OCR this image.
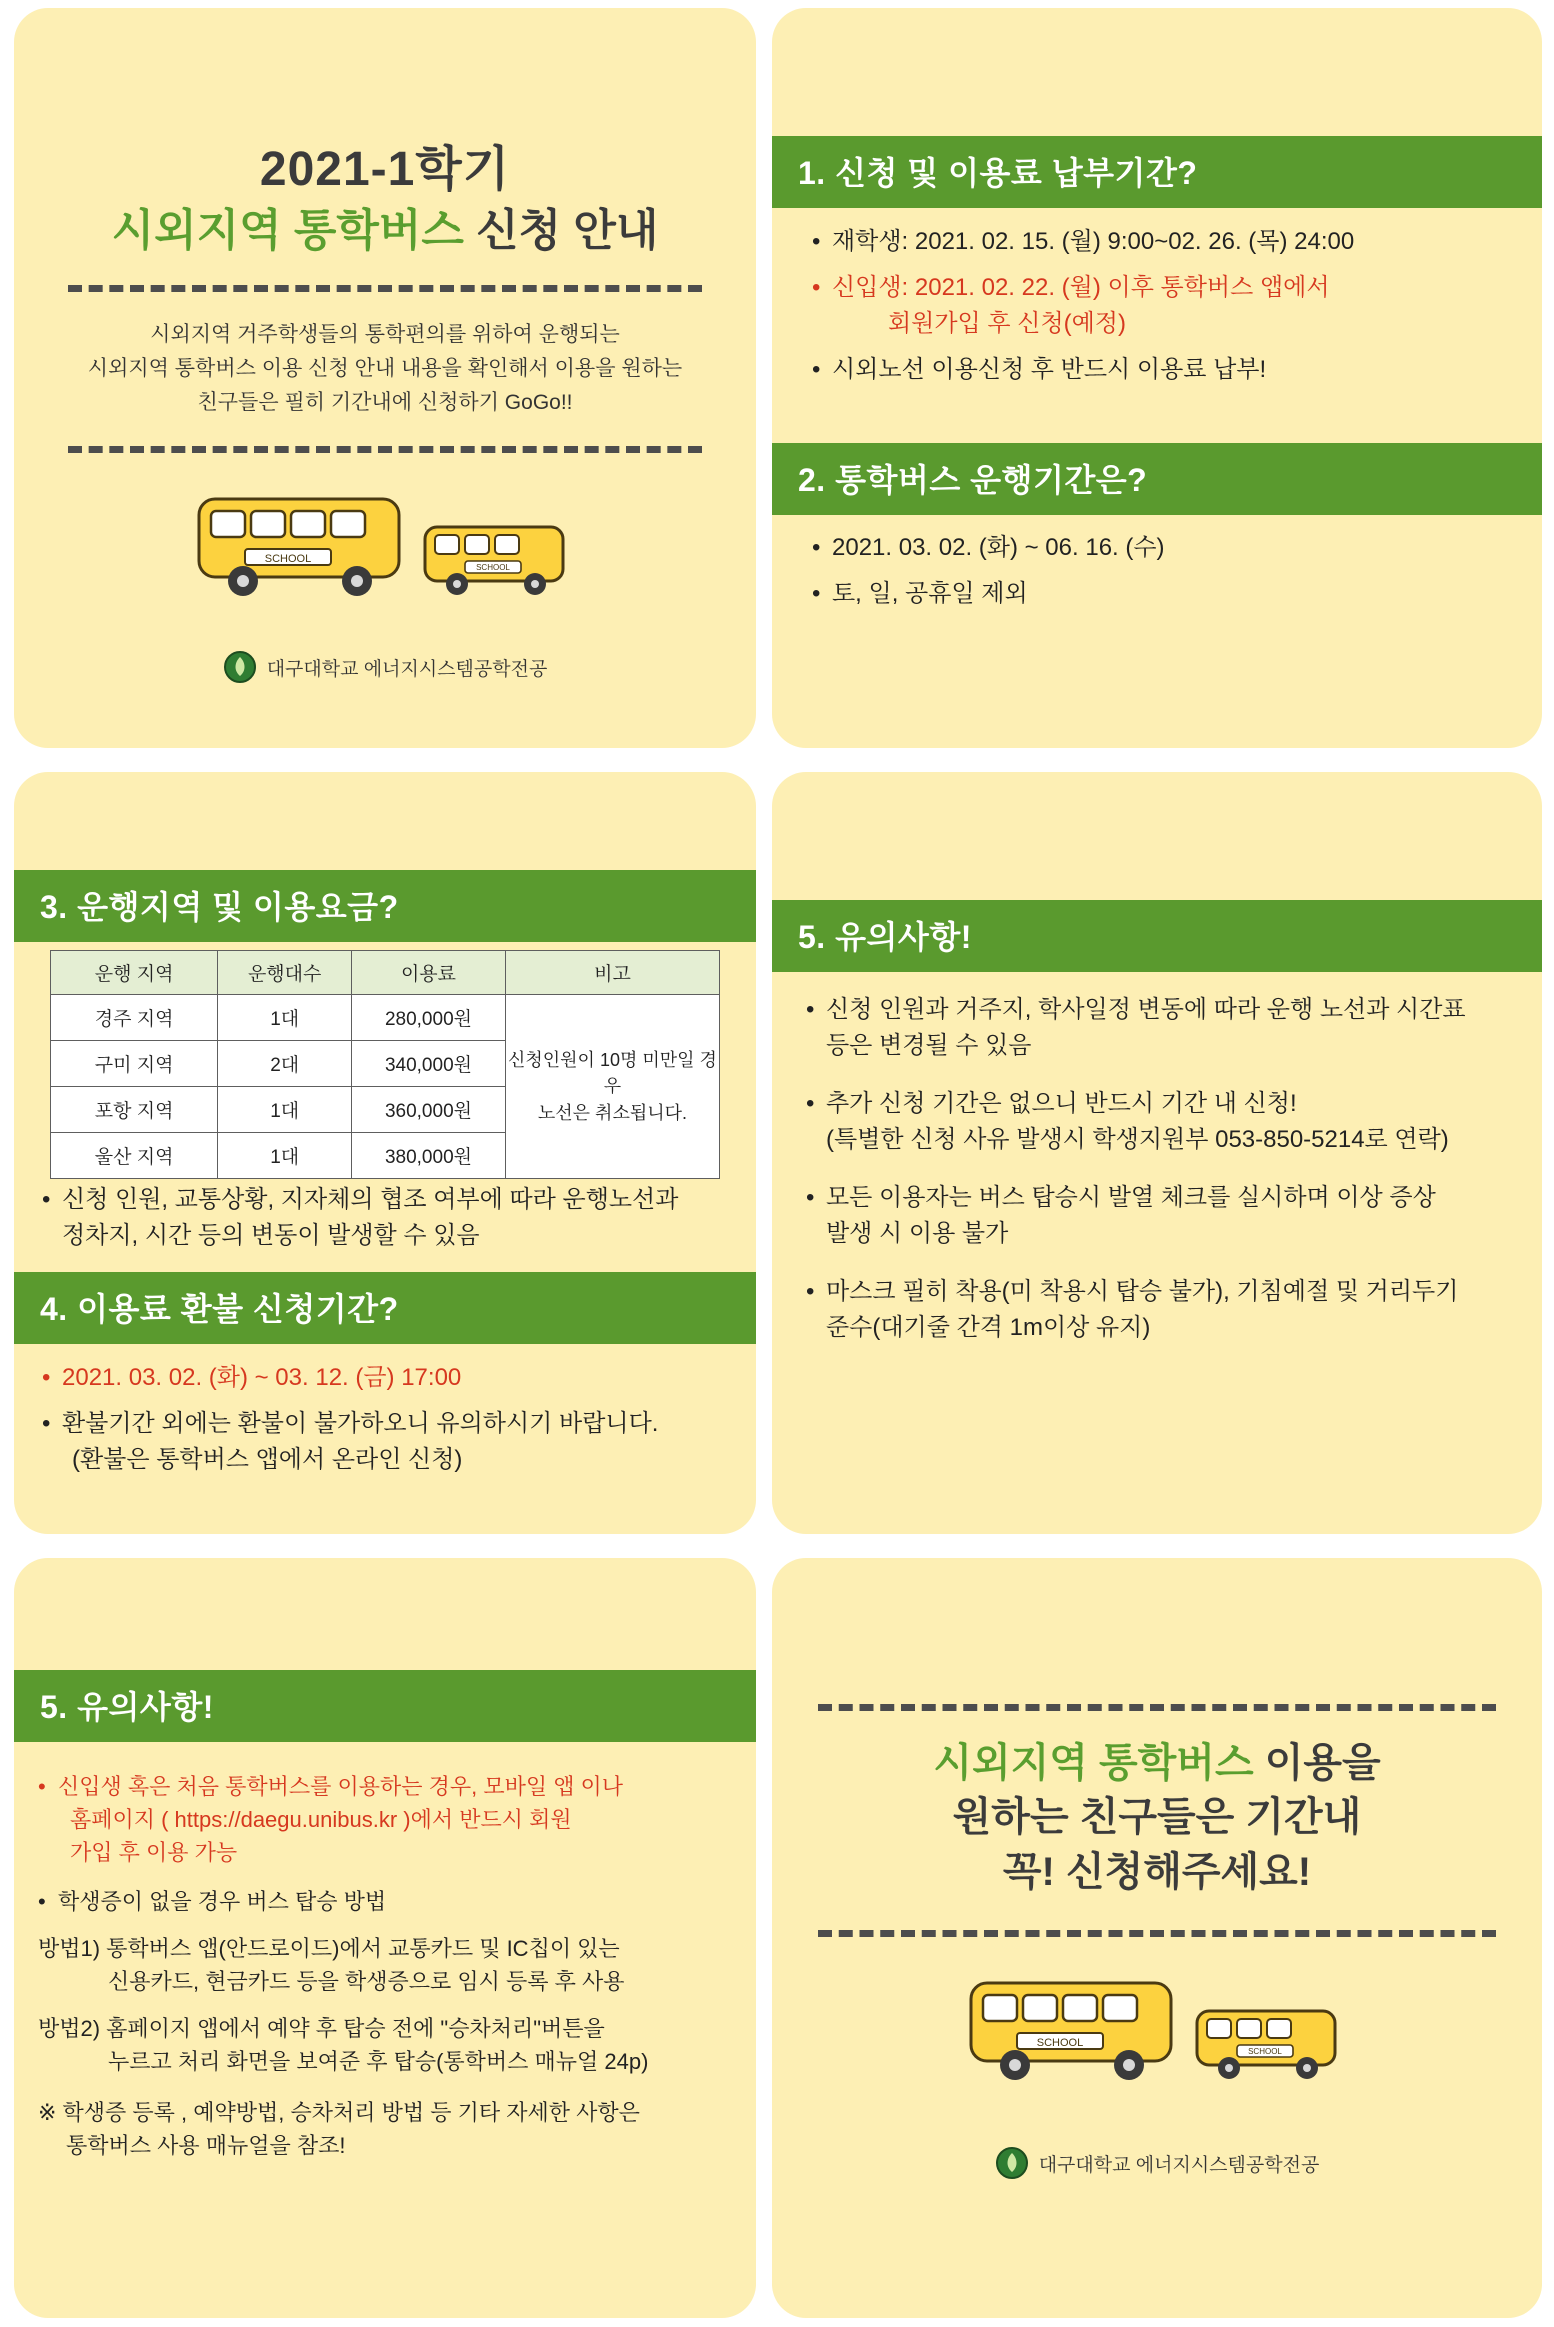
2021-1학기
시외지역 통학버스 신청 안내
시외지역 거주학생들의 통학편의를 위하여 운행되는
시외지역 통학버스 이용 신청 안내 내용을 확인해서 이용을 원하는
친구들은 필히 기간내에 신청하기 GoGo!!
SCHOOL
SCHOOL
대구대학교 에너지시스템공학전공
1. 신청 및 이용료 납부기간?
• 재학생: 2021. 02. 15. (월) 9:00~02. 26. (목) 24:00
• 신입생: 2021. 02. 22. (월) 이후 통학버스 앱에서
회원가입 후 신청(예정)
• 시외노선 이용신청 후 반드시 이용료 납부!
2. 통학버스 운행기간은?
• 2021. 03. 02. (화) ~ 06. 16. (수)
• 토, 일, 공휴일 제외
3. 운행지역 및 이용요금?
운행 지역	운행대수	이용료	비고
경주 지역	1대	280,000원	신청인원이 10명 미만일 경우
노선은 취소됩니다.

구미 지역	2대	340,000원	
포항 지역	1대	360,000원	
울산 지역	1대	380,000원	
• 신청 인원, 교통상황, 지자체의 협조 여부에 따라 운행노선과
정차지, 시간 등의 변동이 발생할 수 있음
4. 이용료 환불 신청기간?
• 2021. 03. 02. (화) ~ 03. 12. (금) 17:00
• 환불기간 외에는 환불이 불가하오니 유의하시기 바랍니다.
(환불은 통학버스 앱에서 온라인 신청)
5. 유의사항!
• 신청 인원과 거주지, 학사일정 변동에 따라 운행 노선과 시간표
등은 변경될 수 있음
• 추가 신청 기간은 없으니 반드시 기간 내 신청!
(특별한 신청 사유 발생시 학생지원부 053-850-5214로 연락)
• 모든 이용자는 버스 탑승시 발열 체크를 실시하며 이상 증상
발생 시 이용 불가
• 마스크 필히 착용(미 착용시 탑승 불가), 기침예절 및 거리두기
준수(대기줄 간격 1m이상 유지)
5. 유의사항!
• 신입생 혹은 처음 통학버스를 이용하는 경우, 모바일 앱 이나
홈페이지 ( https://daegu.unibus.kr )에서 반드시 회원
가입 후 이용 가능
• 학생증이 없을 경우 버스 탑승 방법
방법1) 통학버스 앱(안드로이드)에서 교통카드 및 IC칩이 있는
신용카드, 현금카드 등을 학생증으로 임시 등록 후 사용
방법2) 홈페이지 앱에서 예약 후 탑승 전에 "승차처리"버튼을
누르고 처리 화면을 보여준 후 탑승(통학버스 매뉴얼 24p)
※ 학생증 등록 , 예약방법, 승차처리 방법 등 기타 자세한 사항은
통학버스 사용 매뉴얼을 참조!
시외지역 통학버스 이용을
원하는 친구들은 기간내
꼭! 신청해주세요!
SCHOOL
SCHOOL
대구대학교 에너지시스템공학전공
